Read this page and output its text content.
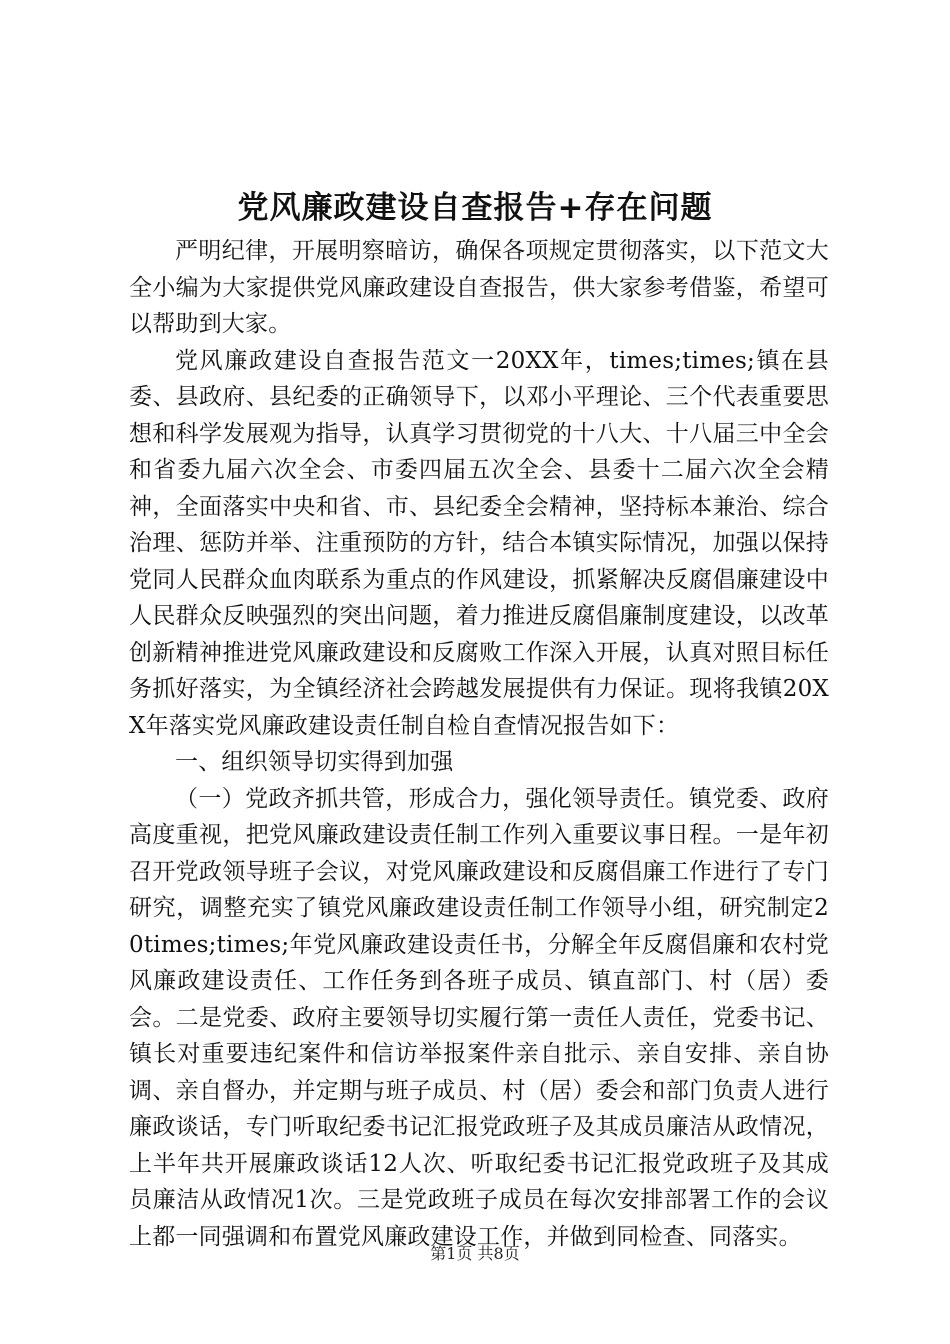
党风廉政建设自查报告+存在问题

严明纪律，开展明察暗访，确保各项规定贯彻落实，以下范文大全小编为大家提供党风廉政建设自查报告，供大家参考借鉴，希望可以帮助到大家。

党风廉政建设自查报告范文一20XX年，times;times;镇在县委、县政府、县纪委的正确领导下，以邓小平理论、三个代表重要思想和科学发展观为指导，认真学习贯彻党的十八大、十八届三中全会和省委九届六次全会、市委四届五次全会、县委十二届六次全会精神，全面落实中央和省、市、县纪委全会精神，坚持标本兼治、综合治理、惩防并举、注重预防的方针，结合本镇实际情况，加强以保持党同人民群众血肉联系为重点的作风建设，抓紧解决反腐倡廉建设中人民群众反映强烈的突出问题，着力推进反腐倡廉制度建设，以改革创新精神推进党风廉政建设和反腐败工作深入开展，认真对照目标任务抓好落实，为全镇经济社会跨越发展提供有力保证。现将我镇20XX年落实党风廉政建设责任制自检自查情况报告如下：

一、组织领导切实得到加强

（一）党政齐抓共管，形成合力，强化领导责任。镇党委、政府高度重视，把党风廉政建设责任制工作列入重要议事日程。一是年初召开党政领导班子会议，对党风廉政建设和反腐倡廉工作进行了专门研究，调整充实了镇党风廉政建设责任制工作领导小组，研究制定20times;times;年党风廉政建设责任书，分解全年反腐倡廉和农村党风廉政建设责任、工作任务到各班子成员、镇直部门、村（居）委会。二是党委、政府主要领导切实履行第一责任人责任，党委书记、镇长对重要违纪案件和信访举报案件亲自批示、亲自安排、亲自协调、亲自督办，并定期与班子成员、村（居）委会和部门负责人进行廉政谈话，专门听取纪委书记汇报党政班子及其成员廉洁从政情况，上半年共开展廉政谈话12人次、听取纪委书记汇报党政班子及其成员廉洁从政情况1次。三是党政班子成员在每次安排部署工作的会议上都一同强调和布置党风廉政建设工作，并做到同检查、同落实。

第1页 共8页
